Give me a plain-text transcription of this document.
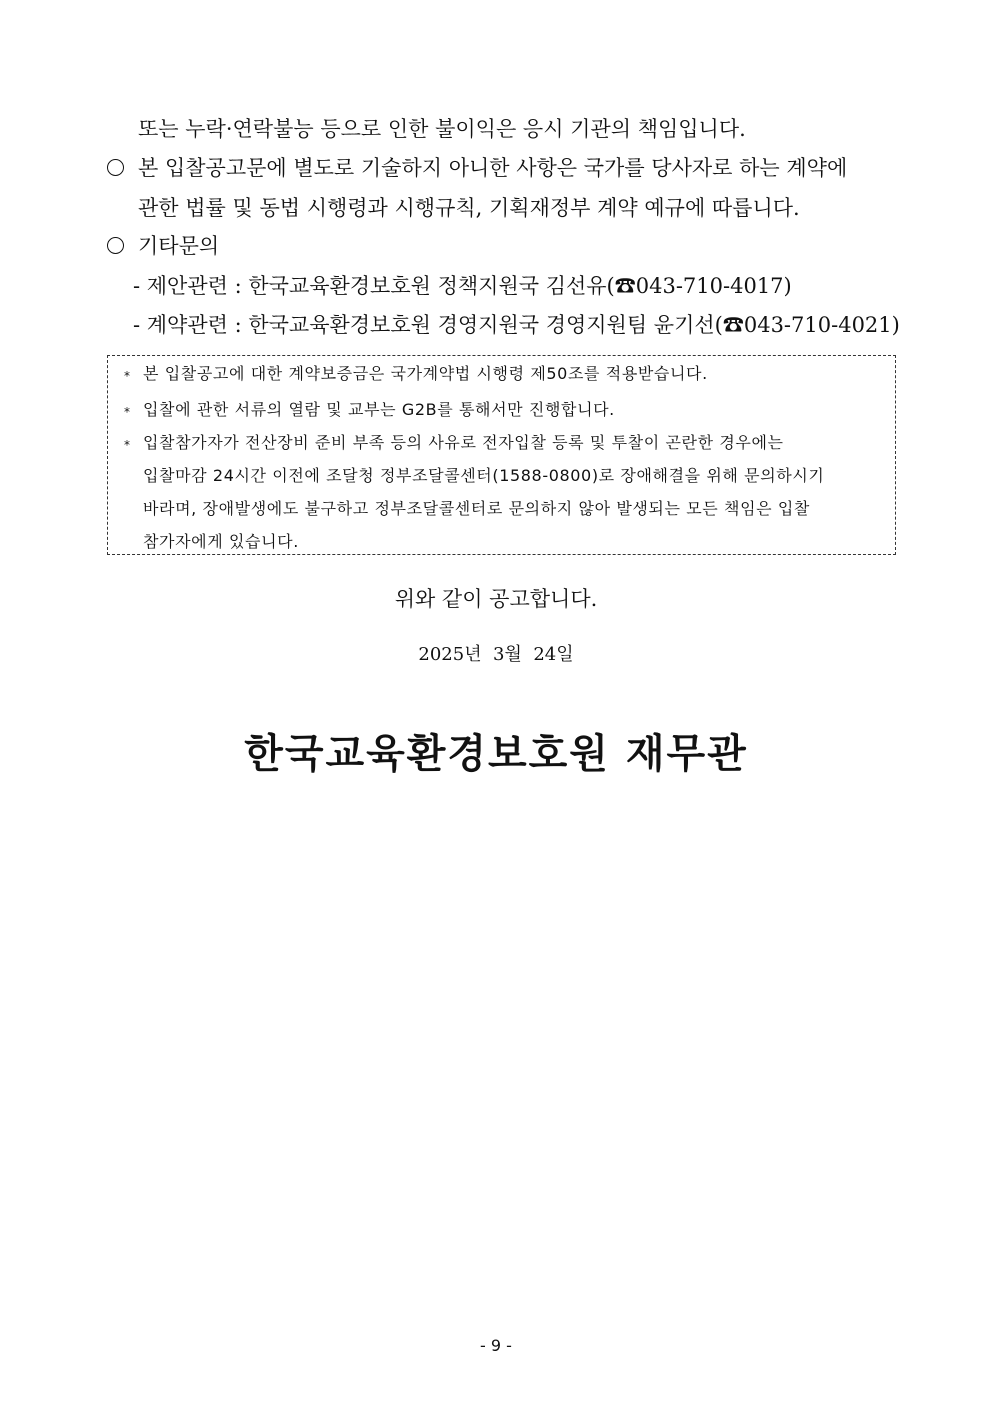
또는 누락·연락불능 등으로 인한 불이익은 응시 기관의 책임입니다.
본 입찰공고문에 별도로 기술하지 아니한 사항은 국가를 당사자로 하는 계약에
관한 법률 및 동법 시행령과 시행규칙, 기획재정부 계약 예규에 따릅니다.
기타문의
- 제안관련 : 한국교육환경보호원 정책지원국 김선유(☎043-710-4017)
- 계약관련 : 한국교육환경보호원 경영지원국 경영지원팀 윤기선(☎043-710-4021)
* 본 입찰공고에 대한 계약보증금은 국가계약법 시행령 제50조를 적용받습니다.
* 입찰에 관한 서류의 열람 및 교부는 G2B를 통해서만 진행합니다.
* 입찰참가자가 전산장비 준비 부족 등의 사유로 전자입찰 등록 및 투찰이 곤란한 경우에는
입찰마감 24시간 이전에 조달청 정부조달콜센터(1588-0800)로 장애해결을 위해 문의하시기
바라며, 장애발생에도 불구하고 정부조달콜센터로 문의하지 않아 발생되는 모든 책임은 입찰
참가자에게 있습니다.
위와 같이 공고합니다.
2025년  3월  24일
한국교육환경보호원 재무관
- 9 -
